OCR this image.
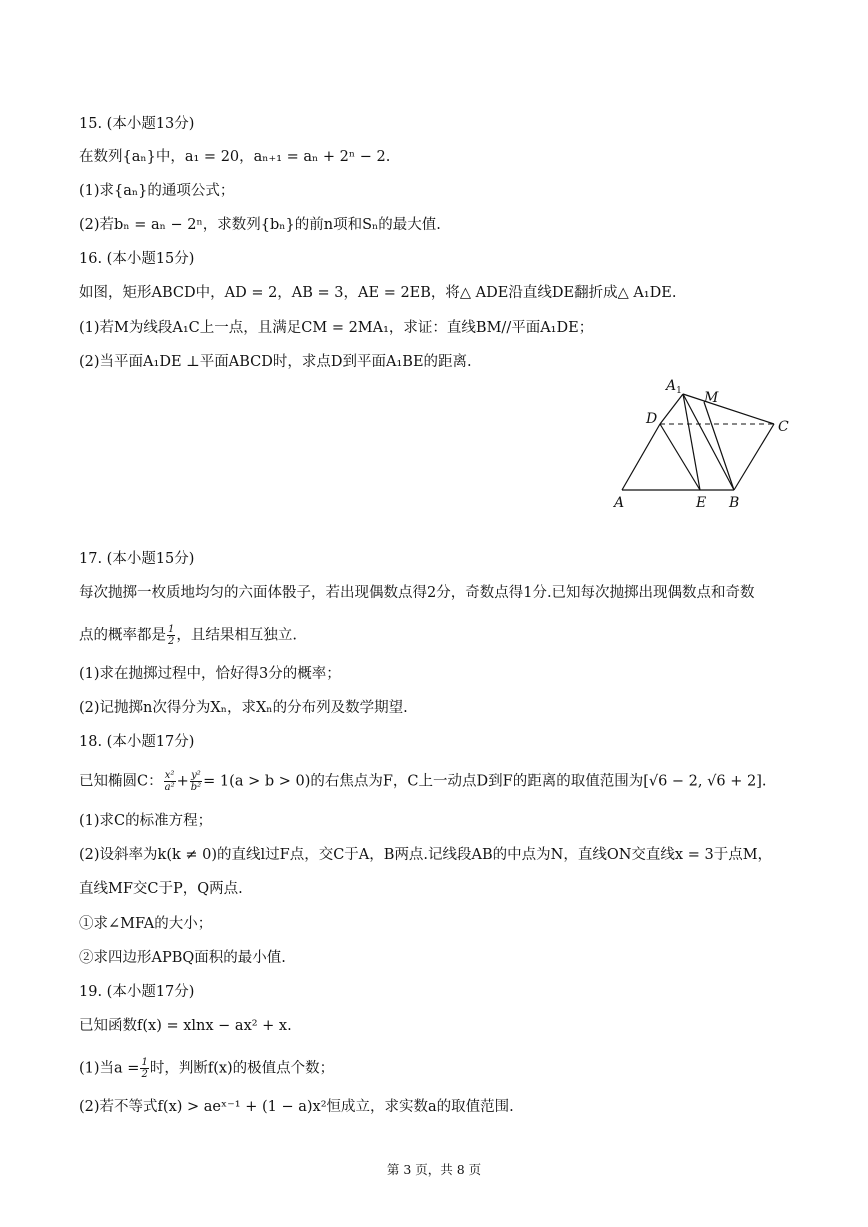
15. (本小题13分)
在数列{aₙ}中，a₁ = 20，aₙ₊₁ = aₙ + 2ⁿ − 2.
(1)求{aₙ}的通项公式；
(2)若bₙ = aₙ − 2ⁿ，求数列{bₙ}的前n项和Sₙ的最大值.
16. (本小题15分)
如图，矩形ABCD中，AD = 2，AB = 3，AE = 2EB，将△ ADE沿直线DE翻折成△ A₁DE.
(1)若M为线段A₁C上一点，且满足CM = 2MA₁，求证：直线BM//平面A₁DE；
(2)当平面A₁DE ⊥平面ABCD时，求点D到平面A₁BE的距离.
$A_1$ M
D	C
A	E B
17. (本小题15分)
每次抛掷一枚质地均匀的六面体骰子，若出现偶数点得2分，奇数点得1分.已知每次抛掷出现偶数点和奇数
点的概率都是 $\frac{1}{2}$ ，且结果相互独立.
(1)求在抛掷过程中，恰好得3分的概率；
(2)记抛掷n次得分为Xₙ，求Xₙ的分布列及数学期望.
18. (本小题17分)
已知椭圆C： $\frac{\text{x²}}{\text{a²}} + \frac{\text{y²}}{\text{b²}} = 1(a > b > 0)$的右焦点为F，C上一动点D到F的距离的取值范围为[√6 − 2, √6 + 2].
(1)求C的标准方程；
(2)设斜率为k(k ≠ 0)的直线l过F点，交C于A，B两点.记线段AB的中点为N，直线ON交直线x = 3于点M，
直线MF交C于P，Q两点.
①求∠MFA的大小；
②求四边形APBQ面积的最小值.
19. (本小题17分)
已知函数f(x) = xlnx − ax² + x.
(1)当$a = \frac{1}{2}$ 时，判断f(x)的极值点个数；
(2)若不等式f(x) > aeˣ⁻¹ + (1 − a)x²恒成立，求实数a的取值范围.
第 3 页，共 8 页
